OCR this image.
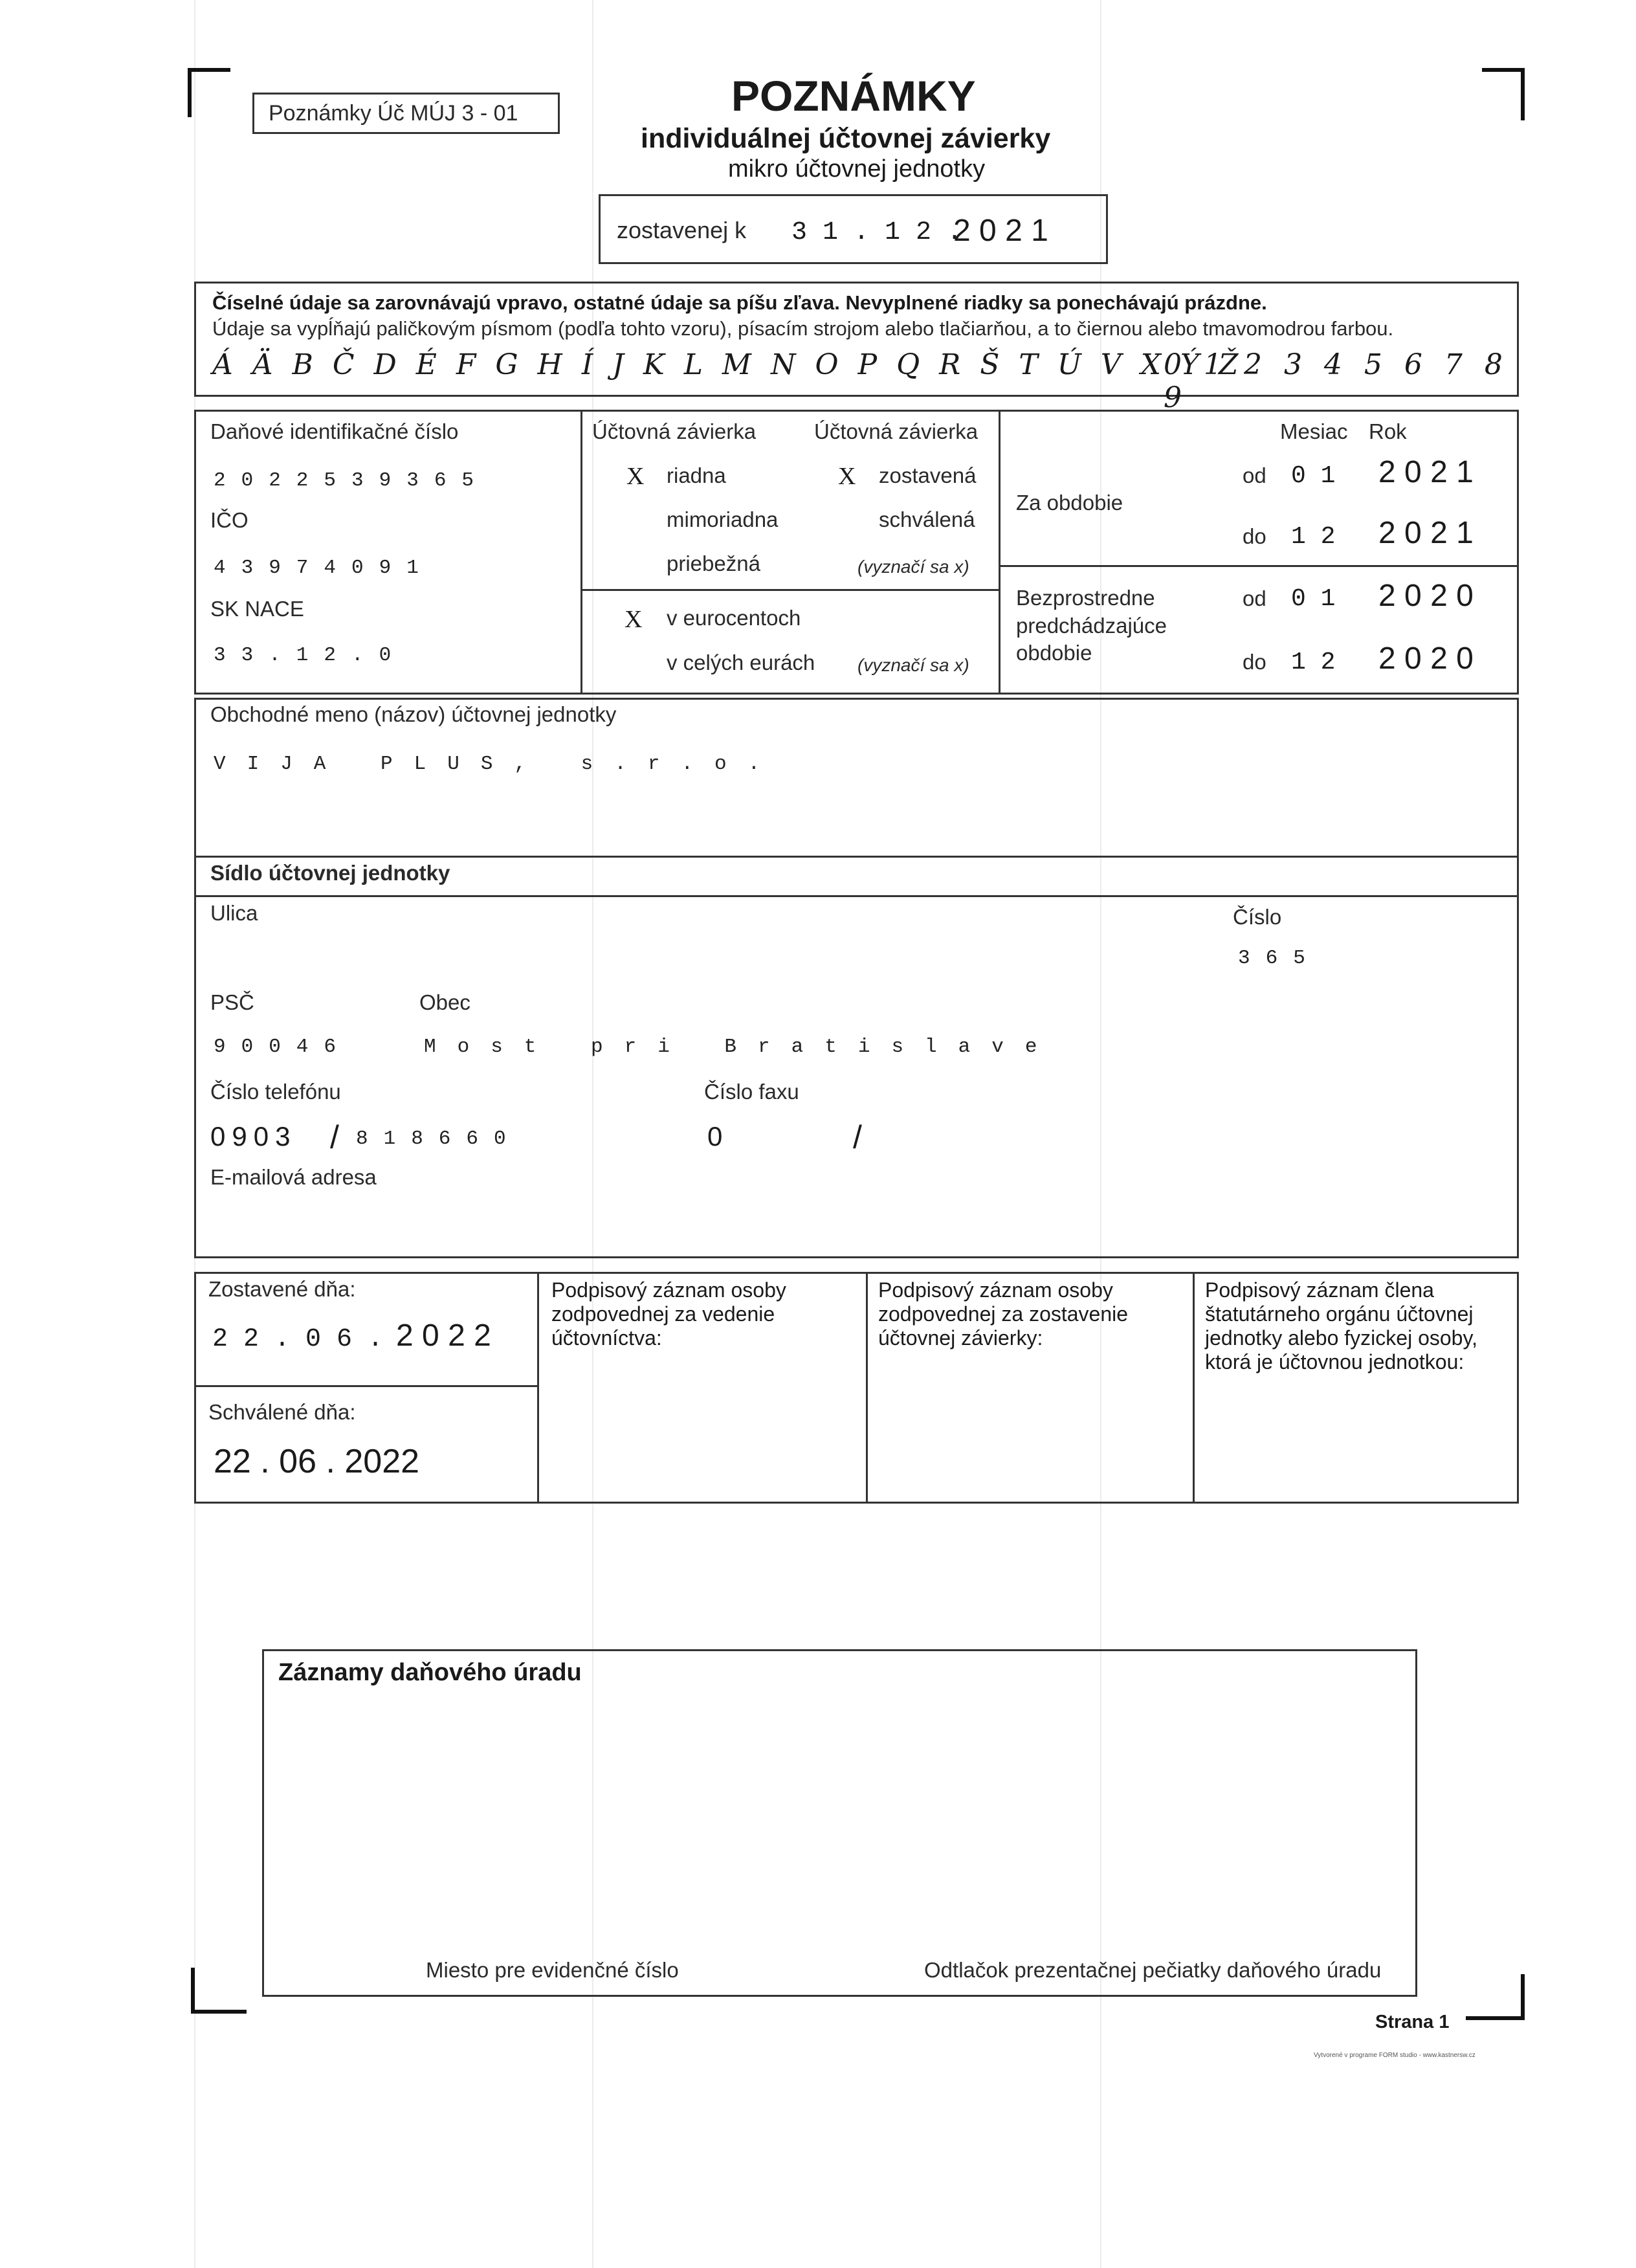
Poznámky Úč MÚJ 3 - 01	POZNÁMKY
individuálnej účtovnej závierky
mikro účtovnej jednotky
zostavenej k 3 1 . 1 2 .
2 0 2 1
Číselné údaje sa zarovnávajú vpravo, ostatné údaje sa píšu zľava. Nevyplnené riadky sa ponechávajú prázdne.
Údaje sa vypĺňajú paličkovým písmom (podľa tohto vzoru), písacím strojom alebo tlačiarňou, a to čiernou alebo tmavomodrou farbou.
Á Ä B Č D É F G H Í J K L M N O P Q R Š T Ú V X Ý Ž
0 1 2 3 4 5 6 7 8 9
Daňové identifikačné číslo
2022539365
IČO
43974091
SK NACE
33.12.0
Účtovná závierka	Účtovná závierka
X riadna	X zostavená
mimoriadna	schválená
priebežná	(vyznačí sa x)
X v eurocentoch
v celých eurách (vyznačí sa x)
Mesiac Rok
Za obdobie
od 0 1 2 0 2 1
do 1 2 2 0 2 1
Bezprostredne
predchádzajúce
obdobie
od 0 1 2 0 2 0
do 1 2 2 0 2 0
Obchodné meno (názov) účtovnej jednotky
VIJA PLUS, s.r.o.
Sídlo účtovnej jednotky
Ulica	Číslo
365
PSČ	Obec
90046	Most pri Bratislave
Číslo telefónu	Číslo faxu
0903 / 818660	0	/
E-mailová adresa
Zostavené dňa:
2 2 . 0 6 . 2 0 2 2
Schválené dňa:
22 . 06 . 2022
Podpisový záznam osoby zodpovednej za vedenie účtovníctva:
Podpisový záznam osoby zodpovednej za zostavenie účtovnej závierky:
Podpisový záznam člena štatutárneho orgánu účtovnej jednotky alebo fyzickej osoby, ktorá je účtovnou jednotkou:
Záznamy daňového úradu
Miesto pre evidenčné číslo	Odtlačok prezentačnej pečiatky daňového úradu
Strana 1
Vytvorené v programe FORM studio - www.kastnersw.cz
